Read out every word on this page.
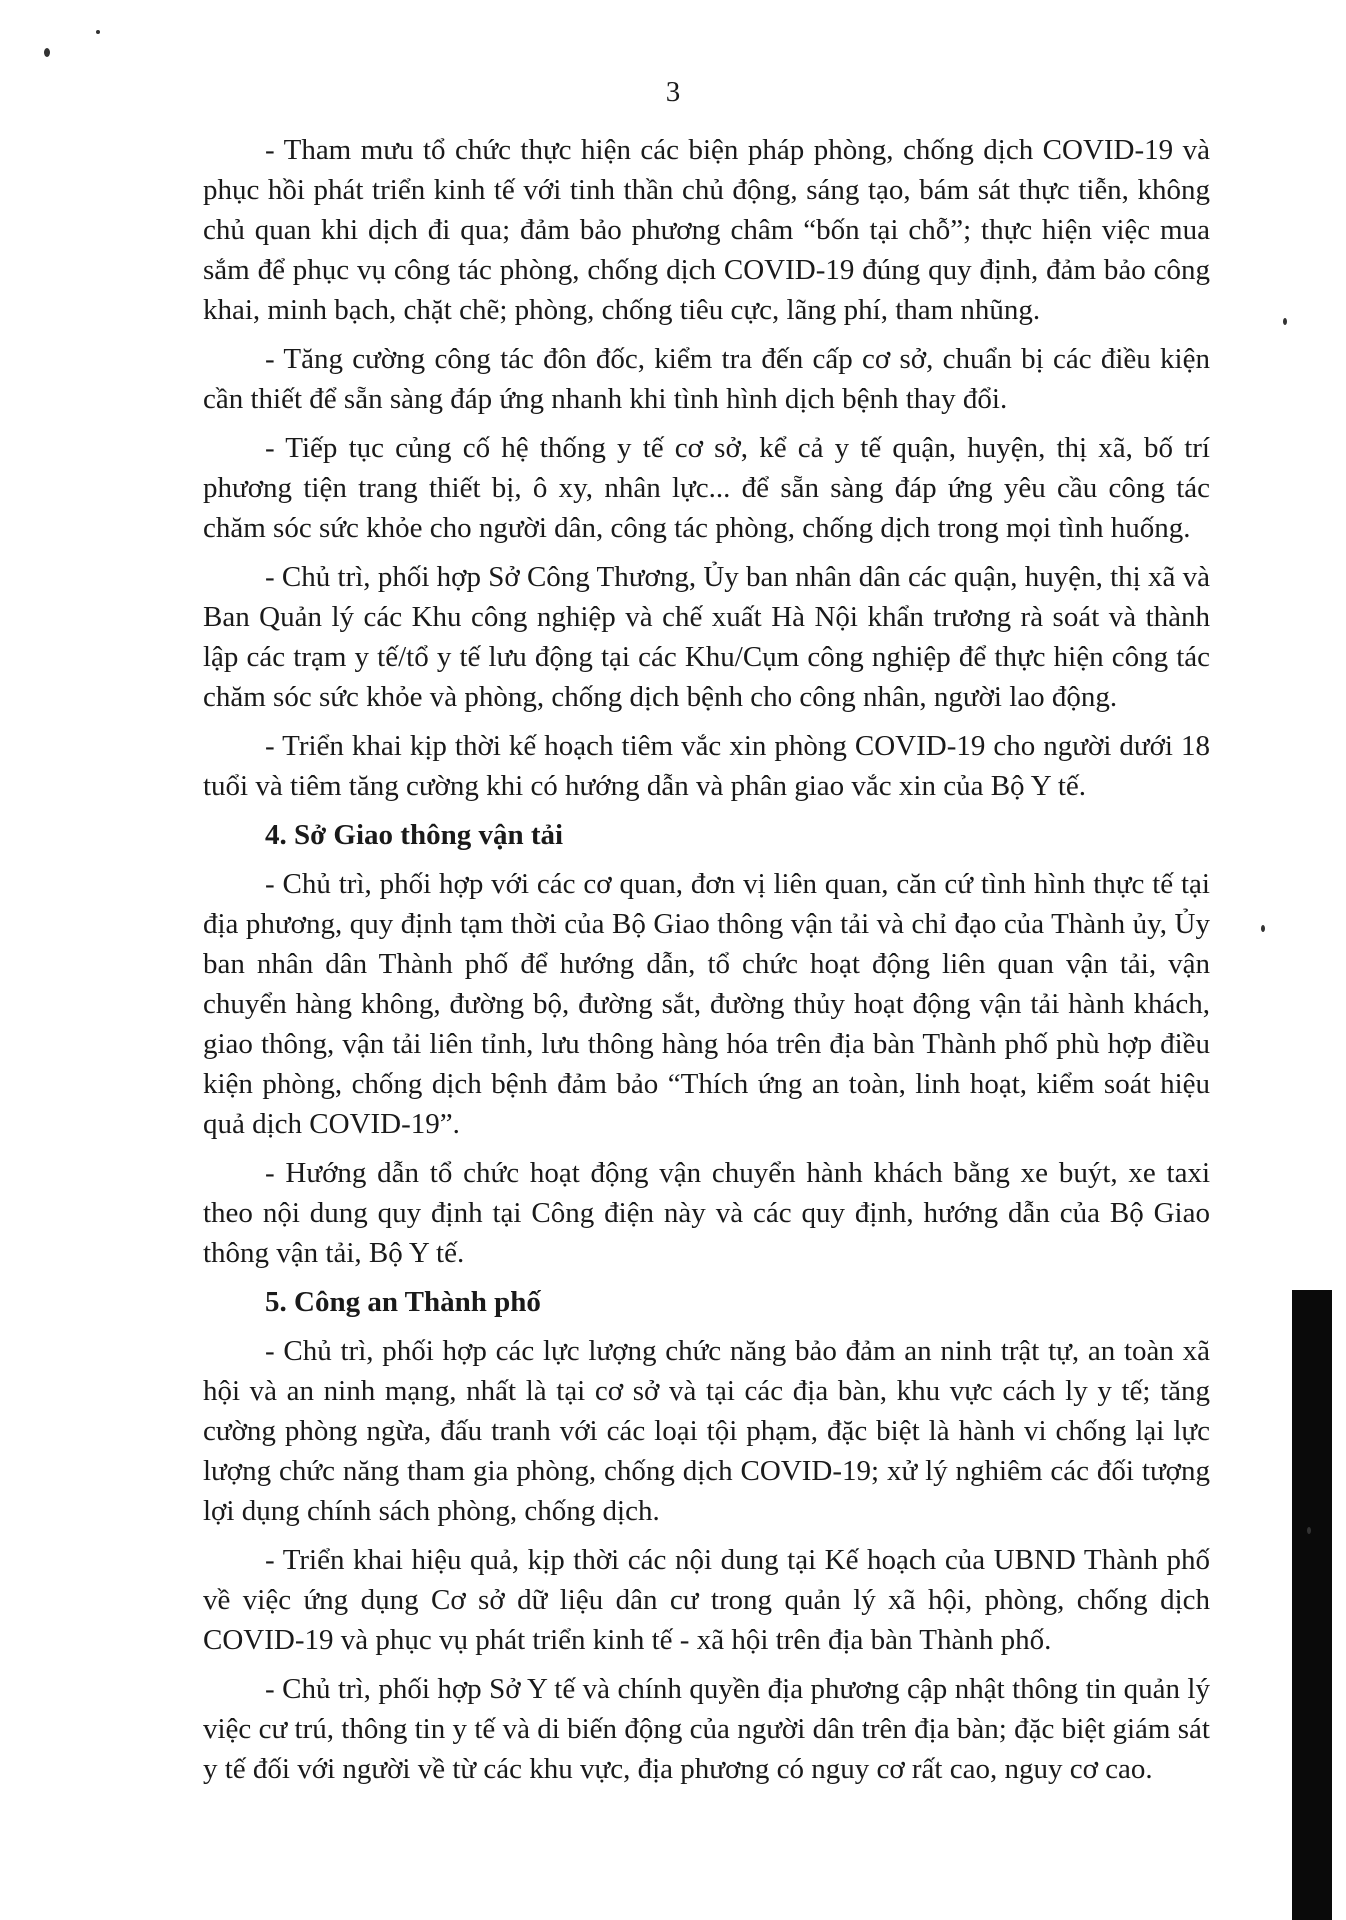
3

- Tham mưu tổ chức thực hiện các biện pháp phòng, chống dịch COVID-19 và phục hồi phát triển kinh tế với tinh thần chủ động, sáng tạo, bám sát thực tiễn, không chủ quan khi dịch đi qua; đảm bảo phương châm “bốn tại chỗ”; thực hiện việc mua sắm để phục vụ công tác phòng, chống dịch COVID-19 đúng quy định, đảm bảo công khai, minh bạch, chặt chẽ; phòng, chống tiêu cực, lãng phí, tham nhũng.

- Tăng cường công tác đôn đốc, kiểm tra đến cấp cơ sở, chuẩn bị các điều kiện cần thiết để sẵn sàng đáp ứng nhanh khi tình hình dịch bệnh thay đổi.

- Tiếp tục củng cố hệ thống y tế cơ sở, kể cả y tế quận, huyện, thị xã, bố trí phương tiện trang thiết bị, ô xy, nhân lực... để sẵn sàng đáp ứng yêu cầu công tác chăm sóc sức khỏe cho người dân, công tác phòng, chống dịch trong mọi tình huống.

- Chủ trì, phối hợp Sở Công Thương, Ủy ban nhân dân các quận, huyện, thị xã và Ban Quản lý các Khu công nghiệp và chế xuất Hà Nội khẩn trương rà soát và thành lập các trạm y tế/tổ y tế lưu động tại các Khu/Cụm công nghiệp để thực hiện công tác chăm sóc sức khỏe và phòng, chống dịch bệnh cho công nhân, người lao động.

- Triển khai kịp thời kế hoạch tiêm vắc xin phòng COVID-19 cho người dưới 18 tuổi và tiêm tăng cường khi có hướng dẫn và phân giao vắc xin của Bộ Y tế.

4. Sở Giao thông vận tải

- Chủ trì, phối hợp với các cơ quan, đơn vị liên quan, căn cứ tình hình thực tế tại địa phương, quy định tạm thời của Bộ Giao thông vận tải và chỉ đạo của Thành ủy, Ủy ban nhân dân Thành phố để hướng dẫn, tổ chức hoạt động liên quan vận tải, vận chuyển hàng không, đường bộ, đường sắt, đường thủy hoạt động vận tải hành khách, giao thông, vận tải liên tỉnh, lưu thông hàng hóa trên địa bàn Thành phố phù hợp điều kiện phòng, chống dịch bệnh đảm bảo “Thích ứng an toàn, linh hoạt, kiểm soát hiệu quả dịch COVID-19”.

- Hướng dẫn tổ chức hoạt động vận chuyển hành khách bằng xe buýt, xe taxi theo nội dung quy định tại Công điện này và các quy định, hướng dẫn của Bộ Giao thông vận tải, Bộ Y tế.

5. Công an Thành phố

- Chủ trì, phối hợp các lực lượng chức năng bảo đảm an ninh trật tự, an toàn xã hội và an ninh mạng, nhất là tại cơ sở và tại các địa bàn, khu vực cách ly y tế; tăng cường phòng ngừa, đấu tranh với các loại tội phạm, đặc biệt là hành vi chống lại lực lượng chức năng tham gia phòng, chống dịch COVID-19; xử lý nghiêm các đối tượng lợi dụng chính sách phòng, chống dịch.

- Triển khai hiệu quả, kịp thời các nội dung tại Kế hoạch của UBND Thành phố về việc ứng dụng Cơ sở dữ liệu dân cư trong quản lý xã hội, phòng, chống dịch COVID-19 và phục vụ phát triển kinh tế - xã hội trên địa bàn Thành phố.

- Chủ trì, phối hợp Sở Y tế và chính quyền địa phương cập nhật thông tin quản lý việc cư trú, thông tin y tế và di biến động của người dân trên địa bàn; đặc biệt giám sát y tế đối với người về từ các khu vực, địa phương có nguy cơ rất cao, nguy cơ cao.
